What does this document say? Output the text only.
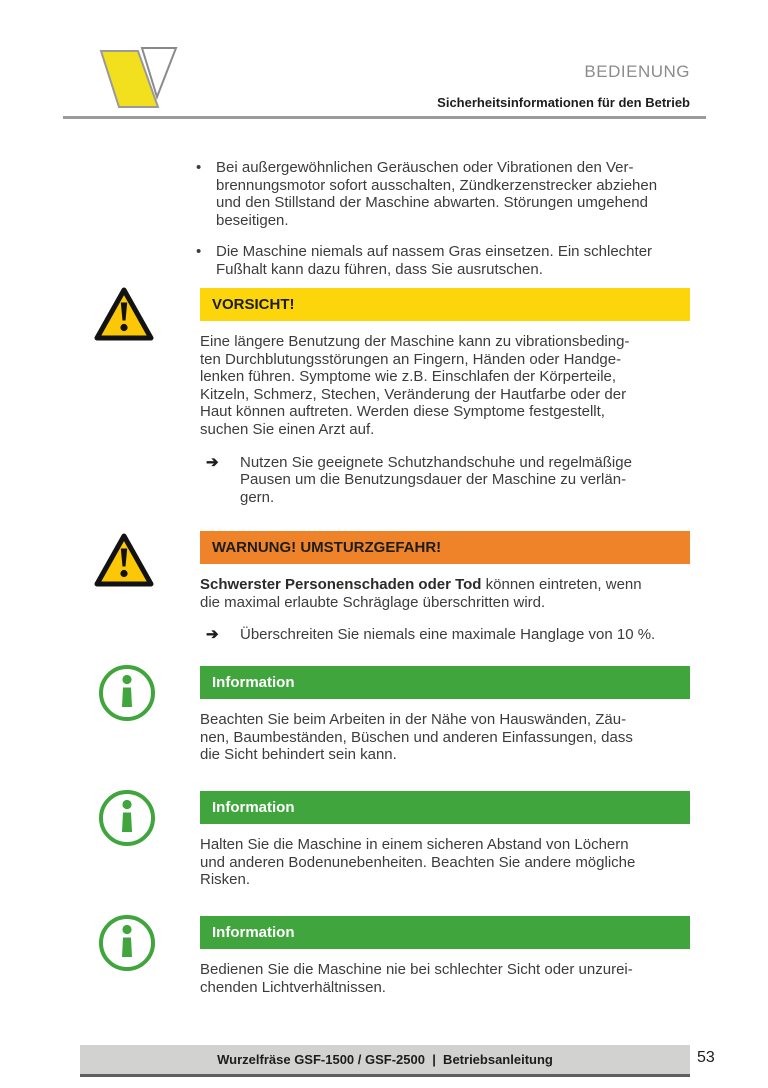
BEDIENUNG
Sicherheitsinformationen für den Betrieb
• Bei außergewöhnlichen Geräuschen oder Vibrationen den Ver-
brennungsmotor sofort ausschalten, Zündkerzenstrecker abziehen
und den Stillstand der Maschine abwarten. Störungen umgehend
beseitigen.
• Die Maschine niemals auf nassem Gras einsetzen. Ein schlechter
Fußhalt kann dazu führen, dass Sie ausrutschen.
VORSICHT!
Eine längere Benutzung der Maschine kann zu vibrationsbeding-
ten Durchblutungsstörungen an Fingern, Händen oder Handge-
lenken führen. Symptome wie z.B. Einschlafen der Körperteile,
Kitzeln, Schmerz, Stechen, Veränderung der Hautfarbe oder der
Haut können auftreten. Werden diese Symptome festgestellt,
suchen Sie einen Arzt auf.
➔	Nutzen Sie geeignete Schutzhandschuhe und regelmäßige
Pausen um die Benutzungsdauer der Maschine zu verlän-
gern.
WARNUNG! UMSTURZGEFAHR!
Schwerster Personenschaden oder Tod können eintreten, wenn
die maximal erlaubte Schräglage überschritten wird.
➔	Überschreiten Sie niemals eine maximale Hanglage von 10 %.
Information
Beachten Sie beim Arbeiten in der Nähe von Hauswänden, Zäu-
nen, Baumbeständen, Büschen und anderen Einfassungen, dass
die Sicht behindert sein kann.
Information
Halten Sie die Maschine in einem sicheren Abstand von Löchern
und anderen Bodenunebenheiten. Beachten Sie andere mögliche
Risken.
Information
Bedienen Sie die Maschine nie bei schlechter Sicht oder unzurei-
chenden Lichtverhältnissen.
Wurzelfräse GSF-1500 / GSF-2500  |  Betriebsanleitung	53
